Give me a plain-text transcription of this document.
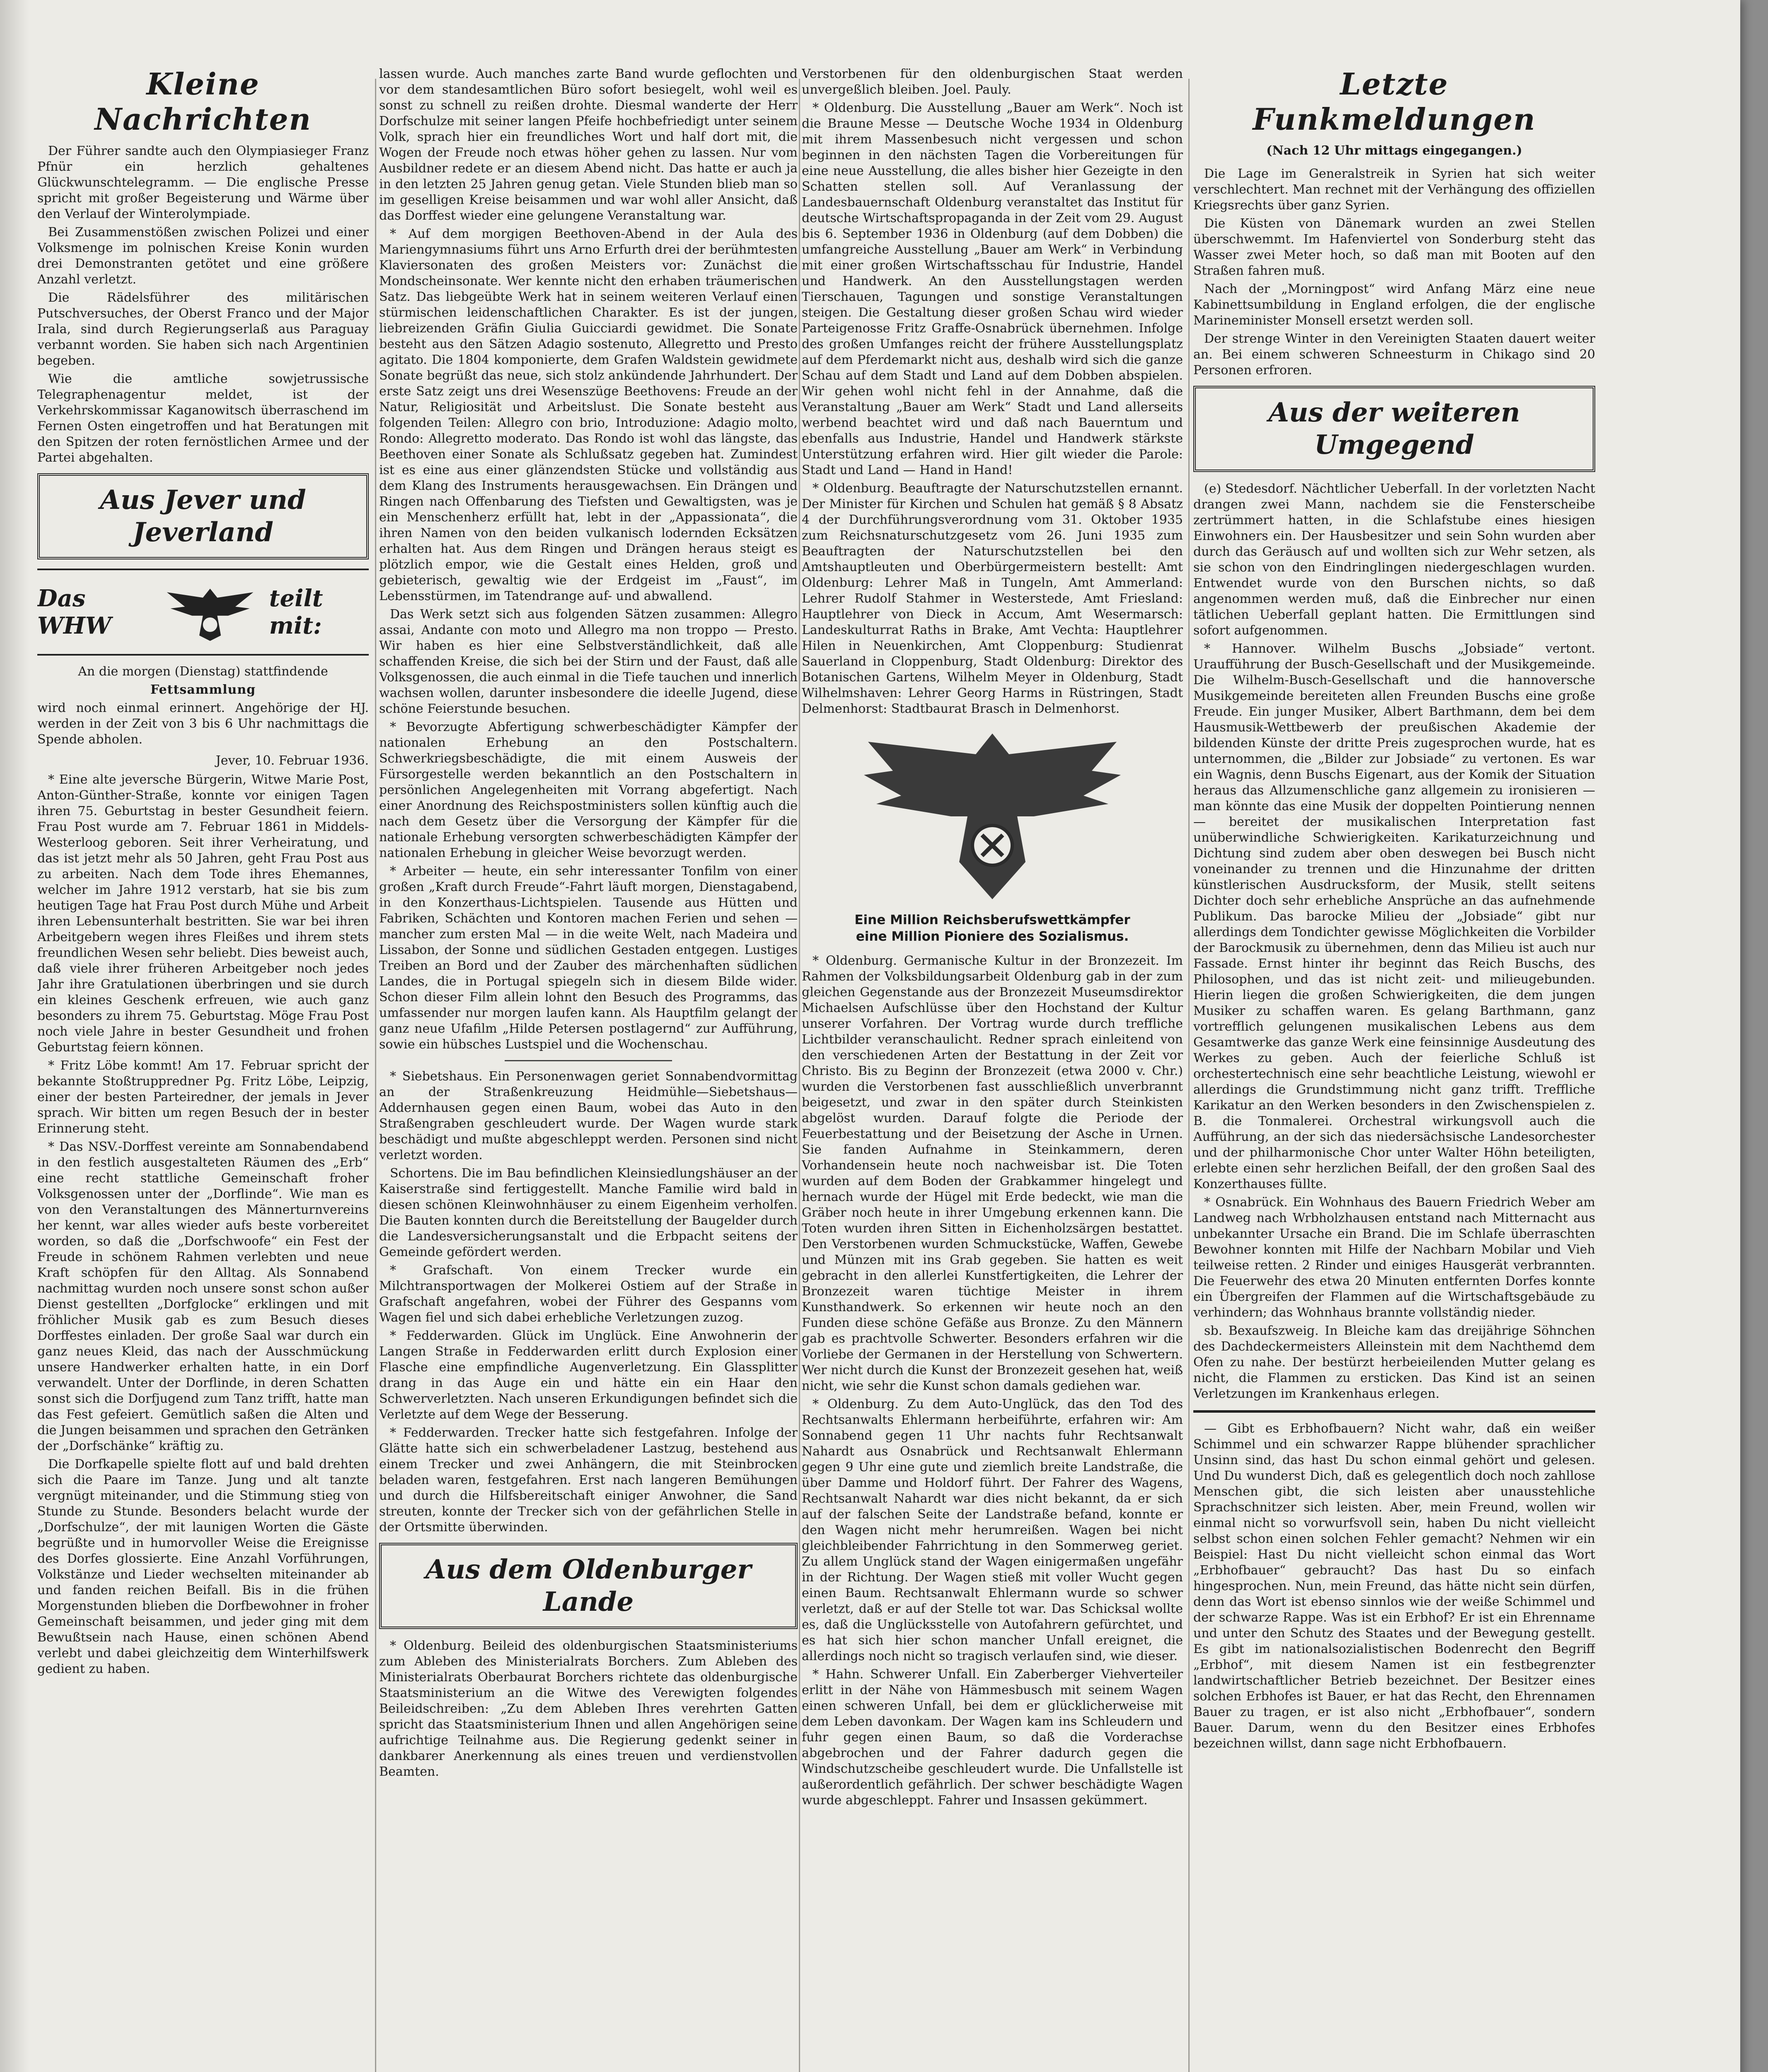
Kleine Nachrichten

Der Führer sandte auch den Olympiasieger Franz Pfnür ein herzlich gehaltenes Glückwunschtelegramm. — Die englische Presse spricht mit großer Begeisterung und Wärme über den Verlauf der Winterolympiade.

Bei Zusammenstößen zwischen Polizei und einer Volksmenge im polnischen Kreise Konin wurden drei Demonstranten getötet und eine größere Anzahl verletzt.

Die Rädelsführer des militärischen Putschversuches, der Oberst Franco und der Major Irala, sind durch Regierungserlaß aus Paraguay verbannt worden. Sie haben sich nach Argentinien begeben.

Wie die amtliche sowjetrussische Telegraphenagentur meldet, ist der Verkehrskommissar Kaganowitsch überraschend im Fernen Osten eingetroffen und hat Beratungen mit den Spitzen der roten fernöstlichen Armee und der Partei abgehalten.

Aus Jever und Jeverland
Das WHW
teilt mit:

An die morgen (Dienstag) stattfindende

Fettsammlung

wird noch einmal erinnert. Angehörige der HJ. werden in der Zeit von 3 bis 6 Uhr nachmittags die Spende abholen.

Jever, 10. Februar 1936.

* Eine alte jeversche Bürgerin, Witwe Marie Post, Anton-Günther-Straße, konnte vor einigen Tagen ihren 75. Geburtstag in bester Gesundheit feiern. Frau Post wurde am 7. Februar 1861 in Middels-Westerloog geboren. Seit ihrer Verheiratung, und das ist jetzt mehr als 50 Jahren, geht Frau Post aus zu arbeiten. Nach dem Tode ihres Ehemannes, welcher im Jahre 1912 verstarb, hat sie bis zum heutigen Tage hat Frau Post durch Mühe und Arbeit ihren Lebensunterhalt bestritten. Sie war bei ihren Arbeitgebern wegen ihres Fleißes und ihrem stets freundlichen Wesen sehr beliebt. Dies beweist auch, daß viele ihrer früheren Arbeitgeber noch jedes Jahr ihre Gratulationen überbringen und sie durch ein kleines Geschenk erfreuen, wie auch ganz besonders zu ihrem 75. Geburtstag. Möge Frau Post noch viele Jahre in bester Gesundheit und frohen Geburtstag feiern können.

* Fritz Löbe kommt! Am 17. Februar spricht der bekannte Stoßtruppredner Pg. Fritz Löbe, Leipzig, einer der besten Parteiredner, der jemals in Jever sprach. Wir bitten um regen Besuch der in bester Erinnerung steht.

* Das NSV.-Dorffest vereinte am Sonnabendabend in den festlich ausgestalteten Räumen des „Erb“ eine recht stattliche Gemeinschaft froher Volksgenossen unter der „Dorflinde“. Wie man es von den Veranstaltungen des Männerturnvereins her kennt, war alles wieder aufs beste vorbereitet worden, so daß die „Dorfschwoofe“ ein Fest der Freude in schönem Rahmen verlebten und neue Kraft schöpfen für den Alltag. Als Sonnabend nachmittag wurden noch unsere sonst schon außer Dienst gestellten „Dorfglocke“ erklingen und mit fröhlicher Musik gab es zum Besuch dieses Dorffestes einladen. Der große Saal war durch ein ganz neues Kleid, das nach der Ausschmückung unsere Handwerker erhalten hatte, in ein Dorf verwandelt. Unter der Dorflinde, in deren Schatten sonst sich die Dorfjugend zum Tanz trifft, hatte man das Fest gefeiert. Gemütlich saßen die Alten und die Jungen beisammen und sprachen den Getränken der „Dorfschänke“ kräftig zu.

Die Dorfkapelle spielte flott auf und bald drehten sich die Paare im Tanze. Jung und alt tanzte vergnügt miteinander, und die Stimmung stieg von Stunde zu Stunde. Besonders belacht wurde der „Dorfschulze“, der mit launigen Worten die Gäste begrüßte und in humorvoller Weise die Ereignisse des Dorfes glossierte. Eine Anzahl Vorführungen, Volkstänze und Lieder wechselten miteinander ab und fanden reichen Beifall. Bis in die frühen Morgenstunden blieben die Dorfbewohner in froher Gemeinschaft beisammen, und jeder ging mit dem Bewußtsein nach Hause, einen schönen Abend verlebt und dabei gleichzeitig dem Winterhilfswerk gedient zu haben.

lassen wurde. Auch manches zarte Band wurde geflochten und vor dem standesamtlichen Büro sofort besiegelt, wohl weil es sonst zu schnell zu reißen drohte. Diesmal wanderte der Herr Dorfschulze mit seiner langen Pfeife hochbefriedigt unter seinem Volk, sprach hier ein freundliches Wort und half dort mit, die Wogen der Freude noch etwas höher gehen zu lassen. Nur vom Ausbildner redete er an diesem Abend nicht. Das hatte er auch ja in den letzten 25 Jahren genug getan. Viele Stunden blieb man so im geselligen Kreise beisammen und war wohl aller Ansicht, daß das Dorffest wieder eine gelungene Veranstaltung war.

* Auf dem morgigen Beethoven-Abend in der Aula des Mariengymnasiums führt uns Arno Erfurth drei der berühmtesten Klaviersonaten des großen Meisters vor: Zunächst die Mondscheinsonate. Wer kennte nicht den erhaben träumerischen Satz. Das liebgeübte Werk hat in seinem weiteren Verlauf einen stürmischen leidenschaftlichen Charakter. Es ist der jungen, liebreizenden Gräfin Giulia Guicciardi gewidmet. Die Sonate besteht aus den Sätzen Adagio sostenuto, Allegretto und Presto agitato. Die 1804 komponierte, dem Grafen Waldstein gewidmete Sonate begrüßt das neue, sich stolz ankündende Jahrhundert. Der erste Satz zeigt uns drei Wesenszüge Beethovens: Freude an der Natur, Religiosität und Arbeitslust. Die Sonate besteht aus folgenden Teilen: Allegro con brio, Introduzione: Adagio molto, Rondo: Allegretto moderato. Das Rondo ist wohl das längste, das Beethoven einer Sonate als Schlußsatz gegeben hat. Zumindest ist es eine aus einer glänzendsten Stücke und vollständig aus dem Klang des Instruments herausgewachsen. Ein Drängen und Ringen nach Offenbarung des Tiefsten und Gewaltigsten, was je ein Menschenherz erfüllt hat, lebt in der „Appassionata“, die ihren Namen von den beiden vulkanisch lodernden Ecksätzen erhalten hat. Aus dem Ringen und Drängen heraus steigt es plötzlich empor, wie die Gestalt eines Helden, groß und gebieterisch, gewaltig wie der Erdgeist im „Faust“, im Lebensstürmen, im Tatendrange auf- und abwallend.

Das Werk setzt sich aus folgenden Sätzen zusammen: Allegro assai, Andante con moto und Allegro ma non troppo — Presto. Wir haben es hier eine Selbstverständlichkeit, daß alle schaffenden Kreise, die sich bei der Stirn und der Faust, daß alle Volksgenossen, die auch einmal in die Tiefe tauchen und innerlich wachsen wollen, darunter insbesondere die ideelle Jugend, diese schöne Feierstunde besuchen.

* Bevorzugte Abfertigung schwerbeschädigter Kämpfer der nationalen Erhebung an den Postschaltern. Schwerkriegsbeschädigte, die mit einem Ausweis der Fürsorgestelle werden bekanntlich an den Postschaltern in persönlichen Angelegenheiten mit Vorrang abgefertigt. Nach einer Anordnung des Reichspostministers sollen künftig auch die nach dem Gesetz über die Versorgung der Kämpfer für die nationale Erhebung versorgten schwerbeschädigten Kämpfer der nationalen Erhebung in gleicher Weise bevorzugt werden.

* Arbeiter — heute, ein sehr interessanter Tonfilm von einer großen „Kraft durch Freude“-Fahrt läuft morgen, Dienstagabend, in den Konzerthaus-Lichtspielen. Tausende aus Hütten und Fabriken, Schächten und Kontoren machen Ferien und sehen — mancher zum ersten Mal — in die weite Welt, nach Madeira und Lissabon, der Sonne und südlichen Gestaden entgegen. Lustiges Treiben an Bord und der Zauber des märchenhaften südlichen Landes, die in Portugal spiegeln sich in diesem Bilde wider. Schon dieser Film allein lohnt den Besuch des Programms, das umfassender nur morgen laufen kann. Als Hauptfilm gelangt der ganz neue Ufafilm „Hilde Petersen postlagernd“ zur Aufführung, sowie ein hübsches Lustspiel und die Wochenschau.

* Siebetshaus. Ein Personenwagen geriet Sonnabendvormittag an der Straßenkreuzung Heidmühle—Siebetshaus—Addernhausen gegen einen Baum, wobei das Auto in den Straßengraben geschleudert wurde. Der Wagen wurde stark beschädigt und mußte abgeschleppt werden. Personen sind nicht verletzt worden.

Schortens. Die im Bau befindlichen Kleinsiedlungshäuser an der Kaiserstraße sind fertiggestellt. Manche Familie wird bald in diesen schönen Kleinwohnhäuser zu einem Eigenheim verholfen. Die Bauten konnten durch die Bereitstellung der Baugelder durch die Landesversicherungsanstalt und die Erbpacht seitens der Gemeinde gefördert werden.

* Grafschaft. Von einem Trecker wurde ein Milchtransportwagen der Molkerei Ostiem auf der Straße in Grafschaft angefahren, wobei der Führer des Gespanns vom Wagen fiel und sich dabei erhebliche Verletzungen zuzog.

* Fedderwarden. Glück im Unglück. Eine Anwohnerin der Langen Straße in Fedderwarden erlitt durch Explosion einer Flasche eine empfindliche Augenverletzung. Ein Glassplitter drang in das Auge ein und hätte ein ein Haar den Schwerverletzten. Nach unseren Erkundigungen befindet sich die Verletzte auf dem Wege der Besserung.

* Fedderwarden. Trecker hatte sich festgefahren. Infolge der Glätte hatte sich ein schwerbeladener Lastzug, bestehend aus einem Trecker und zwei Anhängern, die mit Steinbrocken beladen waren, festgefahren. Erst nach langeren Bemühungen und durch die Hilfsbereitschaft einiger Anwohner, die Sand streuten, konnte der Trecker sich von der gefährlichen Stelle in der Ortsmitte überwinden.

Aus dem Oldenburger Lande

* Oldenburg. Beileid des oldenburgischen Staatsministeriums zum Ableben des Ministerialrats Borchers. Zum Ableben des Ministerialrats Oberbaurat Borchers richtete das oldenburgische Staatsministerium an die Witwe des Verewigten folgendes Beileidschreiben: „Zu dem Ableben Ihres verehrten Gatten spricht das Staatsministerium Ihnen und allen Angehörigen seine aufrichtige Teilnahme aus. Die Regierung gedenkt seiner in dankbarer Anerkennung als eines treuen und verdienstvollen Beamten.

Verstorbenen für den oldenburgischen Staat werden unvergeßlich bleiben. Joel. Pauly.

* Oldenburg. Die Ausstellung „Bauer am Werk“. Noch ist die Braune Messe — Deutsche Woche 1934 in Oldenburg mit ihrem Massenbesuch nicht vergessen und schon beginnen in den nächsten Tagen die Vorbereitungen für eine neue Ausstellung, die alles bisher hier Gezeigte in den Schatten stellen soll. Auf Veranlassung der Landesbauernschaft Oldenburg veranstaltet das Institut für deutsche Wirtschaftspropaganda in der Zeit vom 29. August bis 6. September 1936 in Oldenburg (auf dem Dobben) die umfangreiche Ausstellung „Bauer am Werk“ in Verbindung mit einer großen Wirtschaftsschau für Industrie, Handel und Handwerk. An den Ausstellungstagen werden Tierschauen, Tagungen und sonstige Veranstaltungen steigen. Die Gestaltung dieser großen Schau wird wieder Parteigenosse Fritz Graffe-Osnabrück übernehmen. Infolge des großen Umfanges reicht der frühere Ausstellungsplatz auf dem Pferdemarkt nicht aus, deshalb wird sich die ganze Schau auf dem Stadt und Land auf dem Dobben abspielen. Wir gehen wohl nicht fehl in der Annahme, daß die Veranstaltung „Bauer am Werk“ Stadt und Land allerseits werbend beachtet wird und daß nach Bauerntum und ebenfalls aus Industrie, Handel und Handwerk stärkste Unterstützung erfahren wird. Hier gilt wieder die Parole: Stadt und Land — Hand in Hand!

* Oldenburg. Beauftragte der Naturschutzstellen ernannt. Der Minister für Kirchen und Schulen hat gemäß § 8 Absatz 4 der Durchführungsverordnung vom 31. Oktober 1935 zum Reichsnaturschutzgesetz vom 26. Juni 1935 zum Beauftragten der Naturschutzstellen bei den Amtshauptleuten und Oberbürgermeistern bestellt: Amt Oldenburg: Lehrer Maß in Tungeln, Amt Ammerland: Lehrer Rudolf Stahmer in Westerstede, Amt Friesland: Hauptlehrer von Dieck in Accum, Amt Wesermarsch: Landeskulturrat Raths in Brake, Amt Vechta: Hauptlehrer Hilen in Neuenkirchen, Amt Cloppenburg: Studienrat Sauerland in Cloppenburg, Stadt Oldenburg: Direktor des Botanischen Gartens, Wilhelm Meyer in Oldenburg, Stadt Wilhelmshaven: Lehrer Georg Harms in Rüstringen, Stadt Delmenhorst: Stadtbaurat Brasch in Delmenhorst.

Eine Million Reichsberufswettkämpfer
eine Million Pioniere des Sozialismus.

* Oldenburg. Germanische Kultur in der Bronzezeit. Im Rahmen der Volksbildungsarbeit Oldenburg gab in der zum gleichen Gegenstande aus der Bronzezeit Museumsdirektor Michaelsen Aufschlüsse über den Hochstand der Kultur unserer Vorfahren. Der Vortrag wurde durch treffliche Lichtbilder veranschaulicht. Redner sprach einleitend von den verschiedenen Arten der Bestattung in der Zeit vor Christo. Bis zu Beginn der Bronzezeit (etwa 2000 v. Chr.) wurden die Verstorbenen fast ausschließlich unverbrannt beigesetzt, und zwar in den später durch Steinkisten abgelöst wurden. Darauf folgte die Periode der Feuerbestattung und der Beisetzung der Asche in Urnen. Sie fanden Aufnahme in Steinkammern, deren Vorhandensein heute noch nachweisbar ist. Die Toten wurden auf dem Boden der Grabkammer hingelegt und hernach wurde der Hügel mit Erde bedeckt, wie man die Gräber noch heute in ihrer Umgebung erkennen kann. Die Toten wurden ihren Sitten in Eichenholzsärgen bestattet. Den Verstorbenen wurden Schmuckstücke, Waffen, Gewebe und Münzen mit ins Grab gegeben. Sie hatten es weit gebracht in den allerlei Kunstfertigkeiten, die Lehrer der Bronzezeit waren tüchtige Meister in ihrem Kunsthandwerk. So erkennen wir heute noch an den Funden diese schöne Gefäße aus Bronze. Zu den Männern gab es prachtvolle Schwerter. Besonders erfahren wir die Vorliebe der Germanen in der Herstellung von Schwertern. Wer nicht durch die Kunst der Bronzezeit gesehen hat, weiß nicht, wie sehr die Kunst schon damals gediehen war.

* Oldenburg. Zu dem Auto-Unglück, das den Tod des Rechtsanwalts Ehlermann herbeiführte, erfahren wir: Am Sonnabend gegen 11 Uhr nachts fuhr Rechtsanwalt Nahardt aus Osnabrück und Rechtsanwalt Ehlermann gegen 9 Uhr eine gute und ziemlich breite Landstraße, die über Damme und Holdorf führt. Der Fahrer des Wagens, Rechtsanwalt Nahardt war dies nicht bekannt, da er sich auf der falschen Seite der Landstraße befand, konnte er den Wagen nicht mehr herumreißen. Wagen bei nicht gleichbleibender Fahrrichtung in den Sommerweg geriet. Zu allem Unglück stand der Wagen einigermaßen ungefähr in der Richtung. Der Wagen stieß mit voller Wucht gegen einen Baum. Rechtsanwalt Ehlermann wurde so schwer verletzt, daß er auf der Stelle tot war. Das Schicksal wollte es, daß die Unglücksstelle von Autofahrern gefürchtet, und es hat sich hier schon mancher Unfall ereignet, die allerdings noch nicht so tragisch verlaufen sind, wie dieser.

* Hahn. Schwerer Unfall. Ein Zaberberger Viehverteiler erlitt in der Nähe von Hämmesbusch mit seinem Wagen einen schweren Unfall, bei dem er glücklicherweise mit dem Leben davonkam. Der Wagen kam ins Schleudern und fuhr gegen einen Baum, so daß die Vorderachse abgebrochen und der Fahrer dadurch gegen die Windschutzscheibe geschleudert wurde. Die Unfallstelle ist außerordentlich gefährlich. Der schwer beschädigte Wagen wurde abgeschleppt. Fahrer und Insassen gekümmert.

Letzte Funkmeldungen
(Nach 12 Uhr mittags eingegangen.)

Die Lage im Generalstreik in Syrien hat sich weiter verschlechtert. Man rechnet mit der Verhängung des offiziellen Kriegsrechts über ganz Syrien.

Die Küsten von Dänemark wurden an zwei Stellen überschwemmt. Im Hafenviertel von Sonderburg steht das Wasser zwei Meter hoch, so daß man mit Booten auf den Straßen fahren muß.

Nach der „Morningpost“ wird Anfang März eine neue Kabinettsumbildung in England erfolgen, die der englische Marineminister Monsell ersetzt werden soll.

Der strenge Winter in den Vereinigten Staaten dauert weiter an. Bei einem schweren Schneesturm in Chikago sind 20 Personen erfroren.

Aus der weiteren Umgegend

(e) Stedesdorf. Nächtlicher Ueberfall. In der vorletzten Nacht drangen zwei Mann, nachdem sie die Fensterscheibe zertrümmert hatten, in die Schlafstube eines hiesigen Einwohners ein. Der Hausbesitzer und sein Sohn wurden aber durch das Geräusch auf und wollten sich zur Wehr setzen, als sie schon von den Eindringlingen niedergeschlagen wurden. Entwendet wurde von den Burschen nichts, so daß angenommen werden muß, daß die Einbrecher nur einen tätlichen Ueberfall geplant hatten. Die Ermittlungen sind sofort aufgenommen.

* Hannover. Wilhelm Buschs „Jobsiade“ vertont. Uraufführung der Busch-Gesellschaft und der Musikgemeinde. Die Wilhelm-Busch-Gesellschaft und die hannoversche Musikgemeinde bereiteten allen Freunden Buschs eine große Freude. Ein junger Musiker, Albert Barthmann, dem bei dem Hausmusik-Wettbewerb der preußischen Akademie der bildenden Künste der dritte Preis zugesprochen wurde, hat es unternommen, die „Bilder zur Jobsiade“ zu vertonen. Es war ein Wagnis, denn Buschs Eigenart, aus der Komik der Situation heraus das Allzumenschliche ganz allgemein zu ironisieren — man könnte das eine Musik der doppelten Pointierung nennen — bereitet der musikalischen Interpretation fast unüberwindliche Schwierigkeiten. Karikaturzeichnung und Dichtung sind zudem aber oben deswegen bei Busch nicht voneinander zu trennen und die Hinzunahme der dritten künstlerischen Ausdrucksform, der Musik, stellt seitens Dichter doch sehr erhebliche Ansprüche an das aufnehmende Publikum. Das barocke Milieu der „Jobsiade“ gibt nur allerdings dem Tondichter gewisse Möglichkeiten die Vorbilder der Barockmusik zu übernehmen, denn das Milieu ist auch nur Fassade. Ernst hinter ihr beginnt das Reich Buschs, des Philosophen, und das ist nicht zeit- und milieugebunden. Hierin liegen die großen Schwierigkeiten, die dem jungen Musiker zu schaffen waren. Es gelang Barthmann, ganz vortrefflich gelungenen musikalischen Lebens aus dem Gesamtwerke das ganze Werk eine feinsinnige Ausdeutung des Werkes zu geben. Auch der feierliche Schluß ist orchestertechnisch eine sehr beachtliche Leistung, wiewohl er allerdings die Grundstimmung nicht ganz trifft. Treffliche Karikatur an den Werken besonders in den Zwischenspielen z. B. die Tonmalerei. Orchestral wirkungsvoll auch die Aufführung, an der sich das niedersächsische Landesorchester und der philharmonische Chor unter Walter Höhn beteiligten, erlebte einen sehr herzlichen Beifall, der den großen Saal des Konzerthauses füllte.

* Osnabrück. Ein Wohnhaus des Bauern Friedrich Weber am Landweg nach Wrbholzhausen entstand nach Mitternacht aus unbekannter Ursache ein Brand. Die im Schlafe überraschten Bewohner konnten mit Hilfe der Nachbarn Mobilar und Vieh teilweise retten. 2 Rinder und einiges Hausgerät verbrannten. Die Feuerwehr des etwa 20 Minuten entfernten Dorfes konnte ein Übergreifen der Flammen auf die Wirtschaftsgebäude zu verhindern; das Wohnhaus brannte vollständig nieder.

sb. Bexaufszweig. In Bleiche kam das dreijährige Söhnchen des Dachdeckermeisters Alleinstein mit dem Nachthemd dem Ofen zu nahe. Der bestürzt herbeieilenden Mutter gelang es nicht, die Flammen zu ersticken. Das Kind ist an seinen Verletzungen im Krankenhaus erlegen.

— Gibt es Erbhofbauern? Nicht wahr, daß ein weißer Schimmel und ein schwarzer Rappe blühender sprachlicher Unsinn sind, das hast Du schon einmal gehört und gelesen. Und Du wunderst Dich, daß es gelegentlich doch noch zahllose Menschen gibt, die sich leisten aber unausstehliche Sprachschnitzer sich leisten. Aber, mein Freund, wollen wir einmal nicht so vorwurfsvoll sein, haben Du nicht vielleicht selbst schon einen solchen Fehler gemacht? Nehmen wir ein Beispiel: Hast Du nicht vielleicht schon einmal das Wort „Erbhofbauer“ gebraucht? Das hast Du so einfach hingesprochen. Nun, mein Freund, das hätte nicht sein dürfen, denn das Wort ist ebenso sinnlos wie der weiße Schimmel und der schwarze Rappe. Was ist ein Erbhof? Er ist ein Ehrenname und unter den Schutz des Staates und der Bewegung gestellt. Es gibt im nationalsozialistischen Bodenrecht den Begriff „Erbhof“, mit diesem Namen ist ein festbegrenzter landwirtschaftlicher Betrieb bezeichnet. Der Besitzer eines solchen Erbhofes ist Bauer, er hat das Recht, den Ehrennamen Bauer zu tragen, er ist also nicht „Erbhofbauer“, sondern Bauer. Darum, wenn du den Besitzer eines Erbhofes bezeichnen willst, dann sage nicht Erbhofbauern.
